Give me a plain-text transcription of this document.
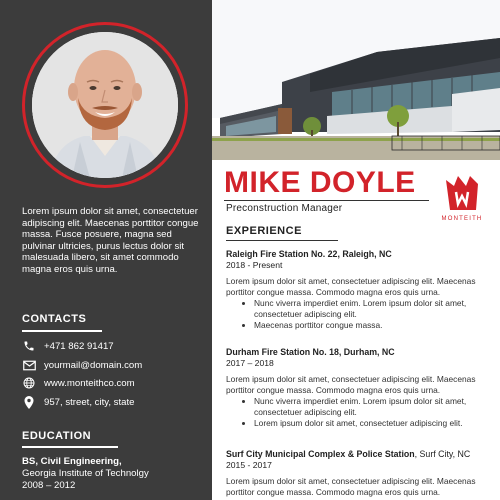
Lorem ipsum dolor sit amet, consectetuer adipiscing elit. Maecenas porttitor congue massa. Fusce posuere, magna sed pulvinar ultricies, purus lectus dolor sit malesuada libero, sit amet commodo magna eros quis urna.
CONTACTS
+471 862 91417
yourmail@domain.com
www.monteithco.com
957, street, city, state
EDUCATION
BS, Civil Engineering,
Georgia Institute of Technolgy
2008 – 2012
MIKE DOYLE
Preconstruction Manager
MONTEITH
EXPERIENCE
Raleigh Fire Station No. 22, Raleigh, NC
2018 - Present
Lorem ipsum dolor sit amet, consectetuer adipiscing elit. Maecenas porttitor congue massa. Commodo magna eros quis urna.
• Nunc viverra imperdiet enim. Lorem ipsum dolor sit amet, consectetuer adipiscing elit.
• Maecenas porttitor congue massa.
Durham Fire Station No. 18, Durham, NC
2017 – 2018
Lorem ipsum dolor sit amet, consectetuer adipiscing elit. Maecenas porttitor congue massa. Commodo magna eros quis urna.
• Nunc viverra imperdiet enim. Lorem ipsum dolor sit amet, consectetuer adipiscing elit.
• Lorem ipsum dolor sit amet, consectetuer adipiscing elit.
Surf City Municipal Complex & Police Station, Surf City, NC
2015 - 2017
Lorem ipsum dolor sit amet, consectetuer adipiscing elit. Maecenas porttitor congue massa. Commodo magna eros quis urna.
